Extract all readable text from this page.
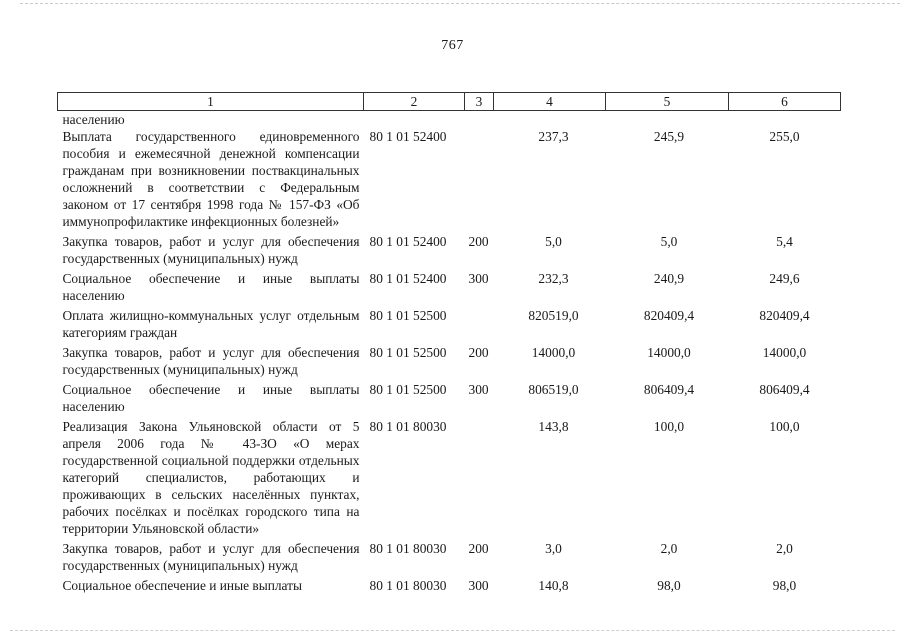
767
1	2	3	4	5	6
населению					
Выплата государственного единовременного пособия и ежемесячной денежной компенсации гражданам при возникновении поствакцинальных осложнений в соответствии с Федеральным законом от 17 сентября 1998 года № 157-ФЗ «Об иммунопрофилактике инфекционных болезней»	80 1 01 52400		237,3	245,9	255,0
Закупка товаров, работ и услуг для обеспечения государственных (муниципальных) нужд	80 1 01 52400	200	5,0	5,0	5,4
Социальное обеспечение и иные выплаты населению	80 1 01 52400	300	232,3	240,9	249,6
Оплата жилищно-коммунальных услуг отдельным категориям граждан	80 1 01 52500		820519,0	820409,4	820409,4
Закупка товаров, работ и услуг для обеспечения государственных (муниципальных) нужд	80 1 01 52500	200	14000,0	14000,0	14000,0
Социальное обеспечение и иные выплаты населению	80 1 01 52500	300	806519,0	806409,4	806409,4
Реализация Закона Ульяновской области от 5 апреля 2006 года № 43-ЗО «О мерах государственной социальной поддержки отдельных категорий специалистов, работающих и проживающих в сельских населённых пунктах, рабочих посёлках и посёлках городского типа на территории Ульяновской области»	80 1 01 80030		143,8	100,0	100,0
Закупка товаров, работ и услуг для обеспечения государственных (муниципальных) нужд	80 1 01 80030	200	3,0	2,0	2,0
Социальное обеспечение и иные выплаты	80 1 01 80030	300	140,8	98,0	98,0
